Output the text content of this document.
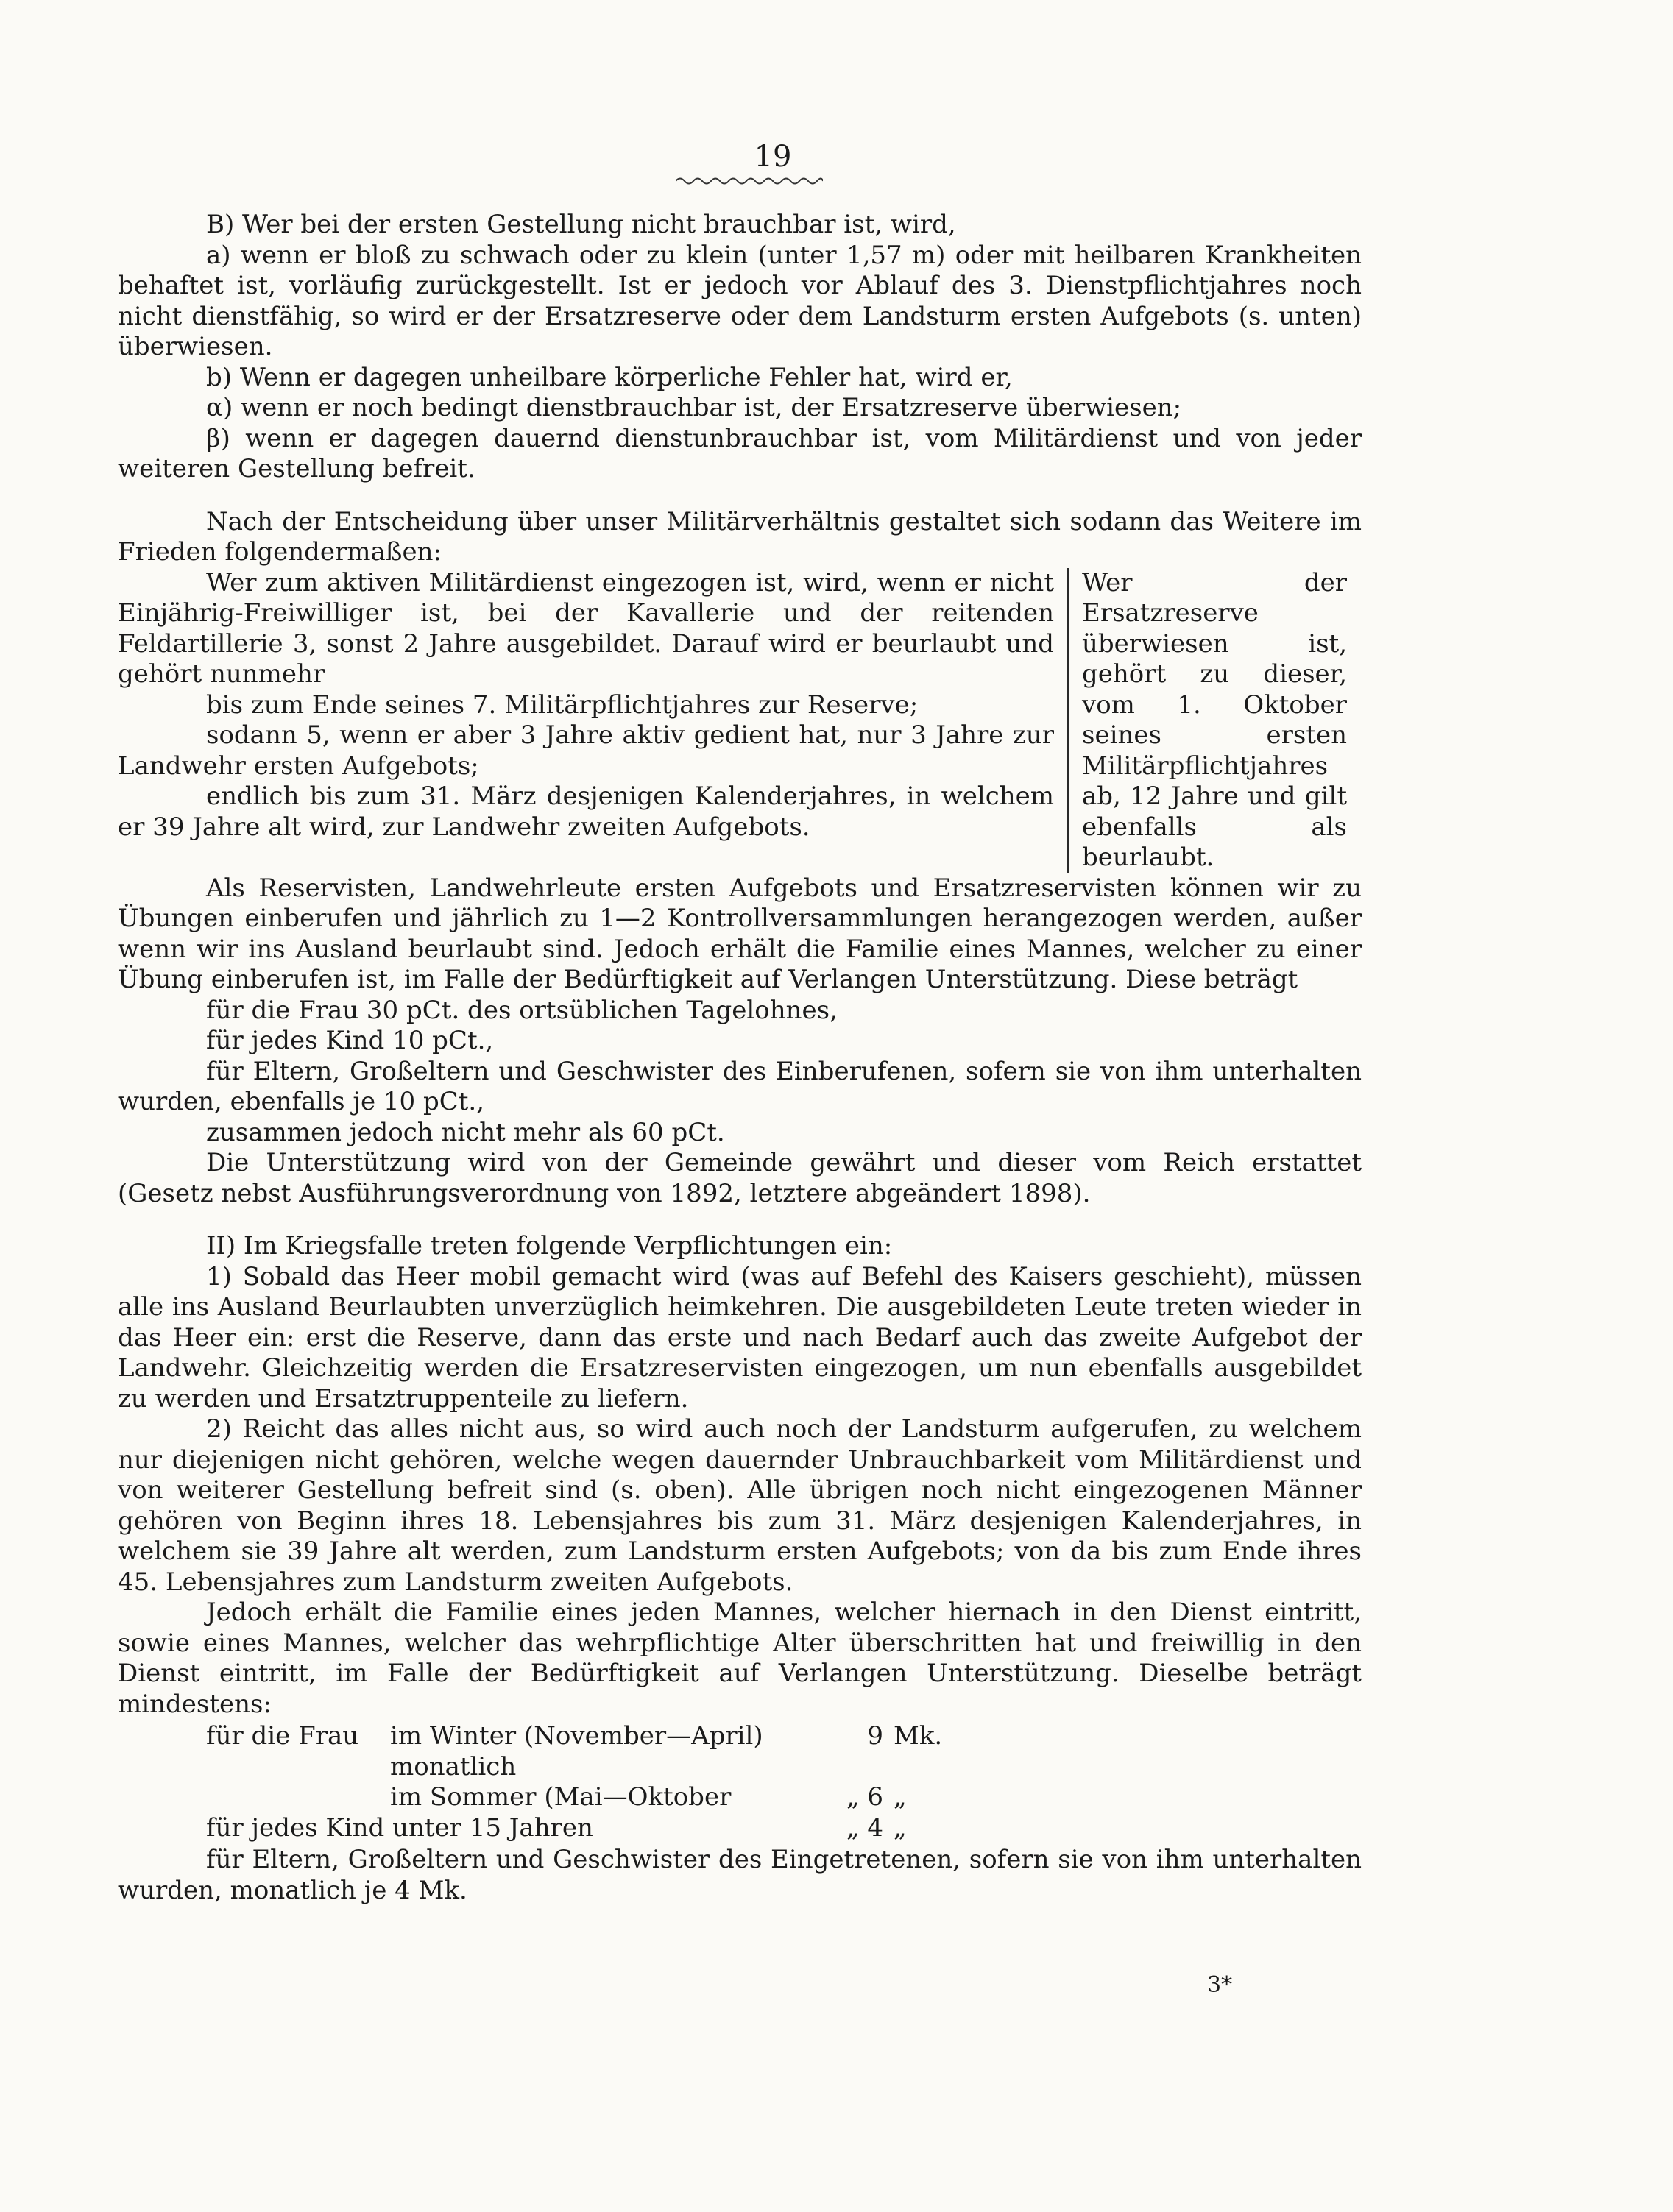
19

B) Wer bei der ersten Gestellung nicht brauchbar ist, wird,

a) wenn er bloß zu schwach oder zu klein (unter 1,57 m) oder mit heilbaren Krankheiten behaftet ist, vorläufig zurückgestellt. Ist er jedoch vor Ablauf des 3. Dienstpflichtjahres noch nicht dienstfähig, so wird er der Ersatzreserve oder dem Landsturm ersten Aufgebots (s. unten) überwiesen.

b) Wenn er dagegen unheilbare körperliche Fehler hat, wird er,

α) wenn er noch bedingt dienstbrauchbar ist, der Ersatzreserve überwiesen;

β) wenn er dagegen dauernd dienstunbrauchbar ist, vom Militärdienst und von jeder weiteren Gestellung befreit.

Nach der Entscheidung über unser Militärverhältnis gestaltet sich sodann das Weitere im Frieden folgendermaßen:

Wer zum aktiven Militärdienst eingezogen ist, wird, wenn er nicht Einjährig-Freiwilliger ist, bei der Kavallerie und der reitenden Feldartillerie 3, sonst 2 Jahre ausgebildet. Darauf wird er beurlaubt und gehört nunmehr

bis zum Ende seines 7. Militärpflichtjahres zur Reserve;

sodann 5, wenn er aber 3 Jahre aktiv gedient hat, nur 3 Jahre zur Landwehr ersten Aufgebots;

endlich bis zum 31. März desjenigen Kalenderjahres, in welchem er 39 Jahre alt wird, zur Landwehr zweiten Aufgebots.

Wer der Ersatzreserve überwiesen ist, gehört zu dieser, vom 1. Oktober seines ersten Militärpflichtjahres ab, 12 Jahre und gilt ebenfalls als beurlaubt.

Als Reservisten, Landwehrleute ersten Aufgebots und Ersatzreservisten können wir zu Übungen einberufen und jährlich zu 1—2 Kontrollversammlungen herangezogen werden, außer wenn wir ins Ausland beurlaubt sind. Jedoch erhält die Familie eines Mannes, welcher zu einer Übung einberufen ist, im Falle der Bedürftigkeit auf Verlangen Unterstützung. Diese beträgt

für die Frau 30 pCt. des ortsüblichen Tagelohnes,

für jedes Kind 10 pCt.,

für Eltern, Großeltern und Geschwister des Einberufenen, sofern sie von ihm unterhalten wurden, ebenfalls je 10 pCt.,

zusammen jedoch nicht mehr als 60 pCt.

Die Unterstützung wird von der Gemeinde gewährt und dieser vom Reich erstattet (Gesetz nebst Ausführungsverordnung von 1892, letztere abgeändert 1898).

II) Im Kriegsfalle treten folgende Verpflichtungen ein:

1) Sobald das Heer mobil gemacht wird (was auf Befehl des Kaisers geschieht), müssen alle ins Ausland Beurlaubten unverzüglich heimkehren. Die ausgebildeten Leute treten wieder in das Heer ein: erst die Reserve, dann das erste und nach Bedarf auch das zweite Aufgebot der Landwehr. Gleichzeitig werden die Ersatzreservisten eingezogen, um nun ebenfalls ausgebildet zu werden und Ersatztruppenteile zu liefern.

2) Reicht das alles nicht aus, so wird auch noch der Landsturm aufgerufen, zu welchem nur diejenigen nicht gehören, welche wegen dauernder Unbrauchbarkeit vom Militärdienst und von weiterer Gestellung befreit sind (s. oben). Alle übrigen noch nicht eingezogenen Männer gehören von Beginn ihres 18. Lebensjahres bis zum 31. März desjenigen Kalenderjahres, in welchem sie 39 Jahre alt werden, zum Landsturm ersten Aufgebots; von da bis zum Ende ihres 45. Lebensjahres zum Landsturm zweiten Aufgebots.

Jedoch erhält die Familie eines jeden Mannes, welcher hiernach in den Dienst eintritt, sowie eines Mannes, welcher das wehrpflichtige Alter überschritten hat und freiwillig in den Dienst eintritt, im Falle der Bedürftigkeit auf Verlangen Unterstützung. Dieselbe beträgt mindestens:

für die Frau	im Winter (November—April) monatlich	9	Mk.
	im Sommer (Mai—Oktober	„ 6	„
für jedes Kind unter 15 Jahren		„ 4	„

für Eltern, Großeltern und Geschwister des Eingetretenen, sofern sie von ihm unterhalten wurden, monatlich je 4 Mk.

3*
